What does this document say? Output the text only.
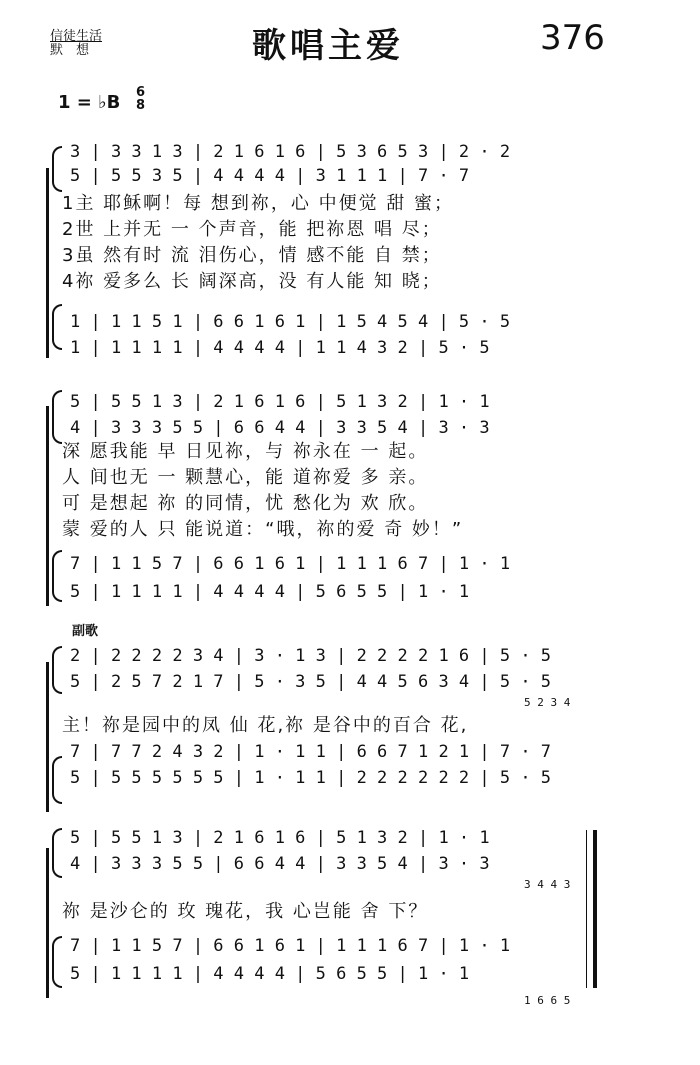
信徒生活
默　想	歌唱主爱	376
1 = ♭B 6
8
3 | 3 3 1 3 | 2 1 6 1 6 | 5 3 6 5 3 | 2 · 2
5 | 5 5 3 5 | 4 4 4 4 | 3 1 1 1 | 7 · 7
1主 耶稣啊！每 想到祢，心 中便觉 甜 蜜；
2世 上并无 一 个声音，能 把祢恩 唱 尽；
3虽 然有时 流 泪伤心，情 感不能 自 禁；
4祢 爱多么 长 阔深高，没 有人能 知 晓；
1 | 1 1 5 1 | 6 6 1 6 1 | 1 5 4 5 4 | 5 · 5
1 | 1 1 1 1 | 4 4 4 4 | 1 1 4 3 2 | 5 · 5
5 | 5 5 1 3 | 2 1 6 1 6 | 5 1 3 2 | 1 · 1
4 | 3 3 3 5 5 | 6 6 4 4 | 3 3 5 4 | 3 · 3
深 愿我能 早 日见祢，与 祢永在 一 起。
人 间也无 一 颗慧心，能 道祢爱 多 亲。
可 是想起 祢 的同情，忧 愁化为 欢 欣。
蒙 爱的人 只 能说道：“哦，祢的爱 奇 妙！”
7 | 1 1 5 7 | 6 6 1 6 1 | 1 1 1 6 7 | 1 · 1
5 | 1 1 1 1 | 4 4 4 4 | 5 6 5 5 | 1 · 1
副歌
2 | 2 2 2 2 3 4 | 3 · 1 3 | 2 2 2 2 1 6 | 5 · 5
5 | 2 5 7 2 1 7 | 5 · 3 5 | 4 4 5 6 3 4 | 5 · 5
5 2 3 4
主！祢是园中的凤 仙 花,祢 是谷中的百合 花,
7 | 7 7 2 4 3 2 | 1 · 1 1 | 6 6 7 1 2 1 | 7 · 7
5 | 5 5 5 5 5 5 | 1 · 1 1 | 2 2 2 2 2 2 | 5 · 5
5 | 5 5 1 3 | 2 1 6 1 6 | 5 1 3 2 | 1 · 1
4 | 3 3 3 5 5 | 6 6 4 4 | 3 3 5 4 | 3 · 3
3 4 4 3
祢 是沙仑的 玫 瑰花，我 心岂能 舍 下？
7 | 1 1 5 7 | 6 6 1 6 1 | 1 1 1 6 7 | 1 · 1
5 | 1 1 1 1 | 4 4 4 4 | 5 6 5 5 | 1 · 1
1 6 6 5
